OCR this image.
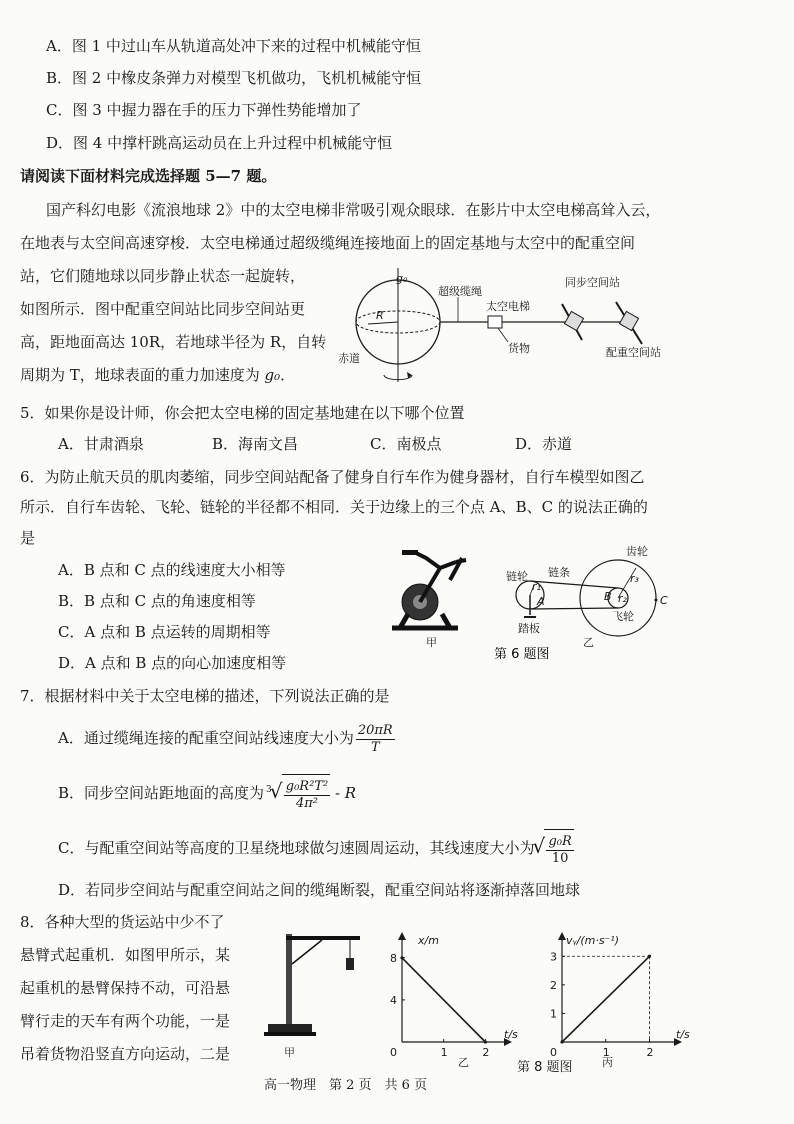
A．图 1 中过山车从轨道高处冲下来的过程中机械能守恒
B．图 2 中橡皮条弹力对模型飞机做功，飞机机械能守恒
C．图 3 中握力器在手的压力下弹性势能增加了
D．图 4 中撑杆跳高运动员在上升过程中机械能守恒
请阅读下面材料完成选择题 5—7 题。
国产科幻电影《流浪地球 2》中的太空电梯非常吸引观众眼球．在影片中太空电梯高耸入云，
在地表与太空间高速穿梭．太空电梯通过超级缆绳连接地面上的固定基地与太空中的配重空间
站，它们随地球以同步静止状态一起旋转，
如图所示．图中配重空间站比同步空间站更
高，距地面高达 10R，若地球半径为 R，自转
周期为 T，地球表面的重力加速度为 g₀．
g₀
R
赤道
超级缆绳
太空电梯
货物
同步空间站
配重空间站
5．如果你是设计师，你会把太空电梯的固定基地建在以下哪个位置
A．甘肃酒泉	B．海南文昌	C．南极点	D．赤道
6．为防止航天员的肌肉萎缩，同步空间站配备了健身自行车作为健身器材，自行车模型如图乙
所示．自行车齿轮、飞轮、链轮的半径都不相同．关于边缘上的三个点 A、B、C 的说法正确的
是
A．B 点和 C 点的线速度大小相等
B．B 点和 C 点的角速度相等
C．A 点和 B 点运转的周期相等
D．A 点和 B 点的向心加速度相等
甲
链轮 链条
齿轮
飞轮
踏板
r₁
r₂
r₃
A	B	C
乙
第 6 题图
7．根据材料中关于太空电梯的描述，下列说法正确的是
A．通过缆绳连接的配重空间站线速度大小为 $\frac{20\pi R}{T}$
B．同步空间站距地面的高度为 $^3$ √ $\frac{\text{g₀R²T²}}{\text{4π²}}$ - R
C．与配重空间站等高度的卫星绕地球做匀速圆周运动，其线速度大小为 √ $\frac{\text{g₀R}}{10}$
D．若同步空间站与配重空间站之间的缆绳断裂，配重空间站将逐渐掉落回地球
8．各种大型的货运站中少不了
悬臂式起重机．如图甲所示，某
起重机的悬臂保持不动，可沿悬
臂行走的天车有两个功能，一是
吊着货物沿竖直方向运动，二是	甲
x/m
t/s
0	1	2
4
8
乙
vᵧ/(m·s⁻¹)
t/s
0	1	2
1
2
3
丙
第 8 题图
高一物理　第 2 页　共 6 页
